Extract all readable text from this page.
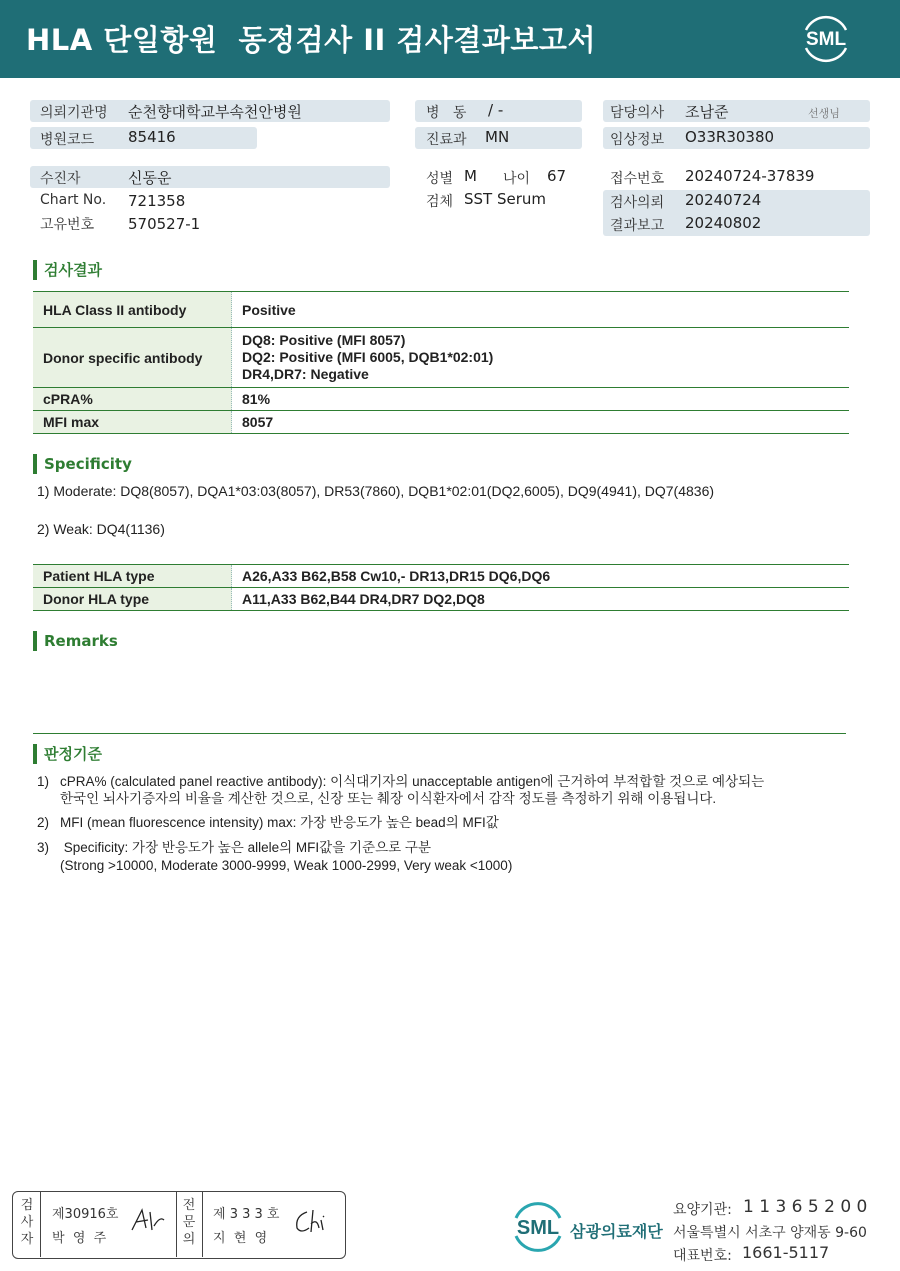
HLA 단일항원  동정검사 II 검사결과보고서	SML
의뢰기관명 순천향대학교부속천안병원
병원코드 85416
병   동 / -
진료과 MN
담당의사 조남준	선생님
임상정보 O33R30380
수진자	신동운
Chart No. 721358
고유번호 570527-1
성별 M 나이 67
검체 SST Serum
접수번호 20240724-37839
검사의뢰 20240724
결과보고 20240802
검사결과
HLA Class II antibody	Positive
Donor specific antibody	DQ8: Positive (MFI 8057)
DQ2: Positive (MFI 6005, DQB1*02:01)
DR4,DR7: Negative

cPRA%	81%
MFI max	8057
Specificity
1) Moderate: DQ8(8057), DQA1*03:03(8057), DR53(7860), DQB1*02:01(DQ2,6005), DQ9(4941), DQ7(4836)
2) Weak: DQ4(1136)
Patient HLA type	A26,A33 B62,B58 Cw10,- DR13,DR15 DQ6,DQ6
Donor HLA type	A11,A33 B62,B44 DR4,DR7 DQ2,DQ8
Remarks
판정기준
1) cPRA% (calculated panel reactive antibody): 이식대기자의 unacceptable antigen에 근거하여 부적합할 것으로 예상되는
한국인 뇌사기증자의 비율을 계산한 것으로, 신장 또는 췌장 이식환자에서 감작 정도를 측정하기 위해 이용됩니다.
2) MFI (mean fluorescence intensity) max: 가장 반응도가 높은 bead의 MFI값
3) Specificity: 가장 반응도가 높은 allele의 MFI값을 기준으로 구분
(Strong >10000, Moderate 3000-9999, Weak 1000-2999, Very weak <1000)
검
사
자
제30916호
박  영  주
전
문
의
제 3 3 3 호
지  현  영	SML 삼광의료재단
요양기관: 1 1 3 6 5 2 0 0
서울특별시 서초구 양재동 9-60
대표번호: 1661-5117
